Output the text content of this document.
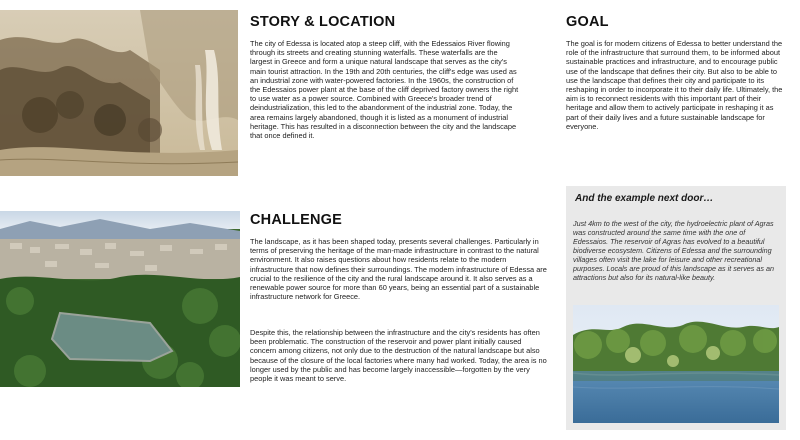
STORY & LOCATION

The city of Edessa is located atop a steep cliff, with the Edessaios River flowing through its streets and creating stunning waterfalls. These waterfalls are the largest in Greece and form a unique natural landscape that serves as the city's main tourist attraction. In the 19th and 20th centuries, the cliff's edge was used as an industrial zone with water-powered factories. In the 1960s, the construction of the Edessaios power plant at the base of the cliff deprived factory owners the right to use water as a power source. Combined with Greece's broader trend of deindustrialization, this led to the abandonment of the industrial zone. Today, the area remains largely abandoned, though it is listed as a monument of industrial heritage. This has resulted in a disconnection between the city and the landscape that once defined it.

GOAL

The goal is for modern citizens of Edessa to better understand the role of the infrastructure that surround them, to be informed about sustainable practices and infrastructure, and to encourage public use of the landscape that defines their city. But also to be able to use the landscape that defines their city and participate to its reshaping in order to incorporate it to their daily life. Ultimately, the aim is to reconnect residents with this important part of their heritage and allow them to actively participate in reshaping it as part of their daily lives and a future sustainable landscape for everyone.

CHALLENGE

The landscape, as it has been shaped today, presents several challenges. Particularly in terms of preserving the heritage of the man-made infrastructure in contrast to the natural environment. It also raises questions about how residents relate to the modern infrastructure that now defines their surroundings. The modern infrastructure of Edessa are crucial to the resilience of the city and the rural landscape around it. It also serves as a renewable power source for more than 60 years, being an essential part of a sustainable infrastructure network for Greece.

Despite this, the relationship between the infrastructure and the city's residents has often been problematic. The construction of the reservoir and power plant initially caused concern among citizens, not only due to the destruction of the natural landscape but also because of the closure of the local factories where many had worked. Today, the area is no longer used by the public and has become largely inaccessible—forgotten by the very people it was meant to serve.

And the example next door…

Just 4km to the west of the city, the hydroelectric plant of Agras was constructed around the same time with the one of Edessaios. The reservoir of Agras has evolved to a beautiful biodiverse ecosystem. Citizens of Edessa and the surrounding villages often visit the lake for leisure and other recreational purposes. Locals are proud of this landscape as it serves as an attractions but also for its natural-like beauty.
